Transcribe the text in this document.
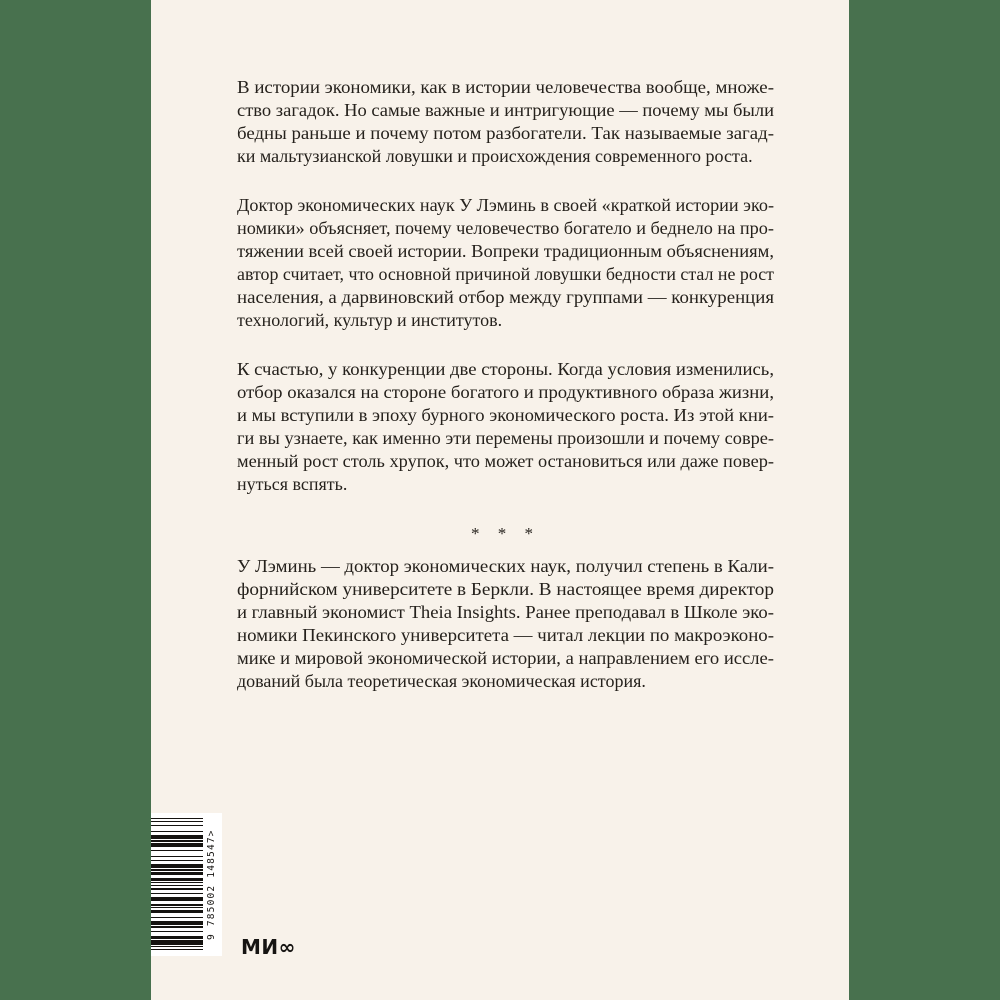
В истории экономики, как в истории человечества вообще, множе-
ство загадок. Но самые важные и интригующие — почему мы были
бедны раньше и почему потом разбогатели. Так называемые загад-
ки мальтузианской ловушки и происхождения современного роста.
Доктор экономических наук У Лэминь в своей «краткой истории эко-
номики» объясняет, почему человечество богатело и беднело на про-
тяжении всей своей истории. Вопреки традиционным объяснениям,
автор считает, что основной причиной ловушки бедности стал не рост
населения, а дарвиновский отбор между группами — конкуренция
технологий, культур и институтов.
К счастью, у конкуренции две стороны. Когда условия изменились,
отбор оказался на стороне богатого и продуктивного образа жизни,
и мы вступили в эпоху бурного экономического роста. Из этой кни-
ги вы узнаете, как именно эти перемены произошли и почему совре-
менный рост столь хрупок, что может остановиться или даже повер-
нуться вспять.
* * *
У Лэминь — доктор экономических наук, получил степень в Кали-
форнийском университете в Беркли. В настоящее время директор
и главный экономист Theia Insights. Ранее преподавал в Школе эко-
номики Пекинского университета — читал лекции по макроэконо-
мике и мировой экономической истории, а направлением его иссле-
дований была теоретическая экономическая история.
9 785002 148547>
МИ∞
